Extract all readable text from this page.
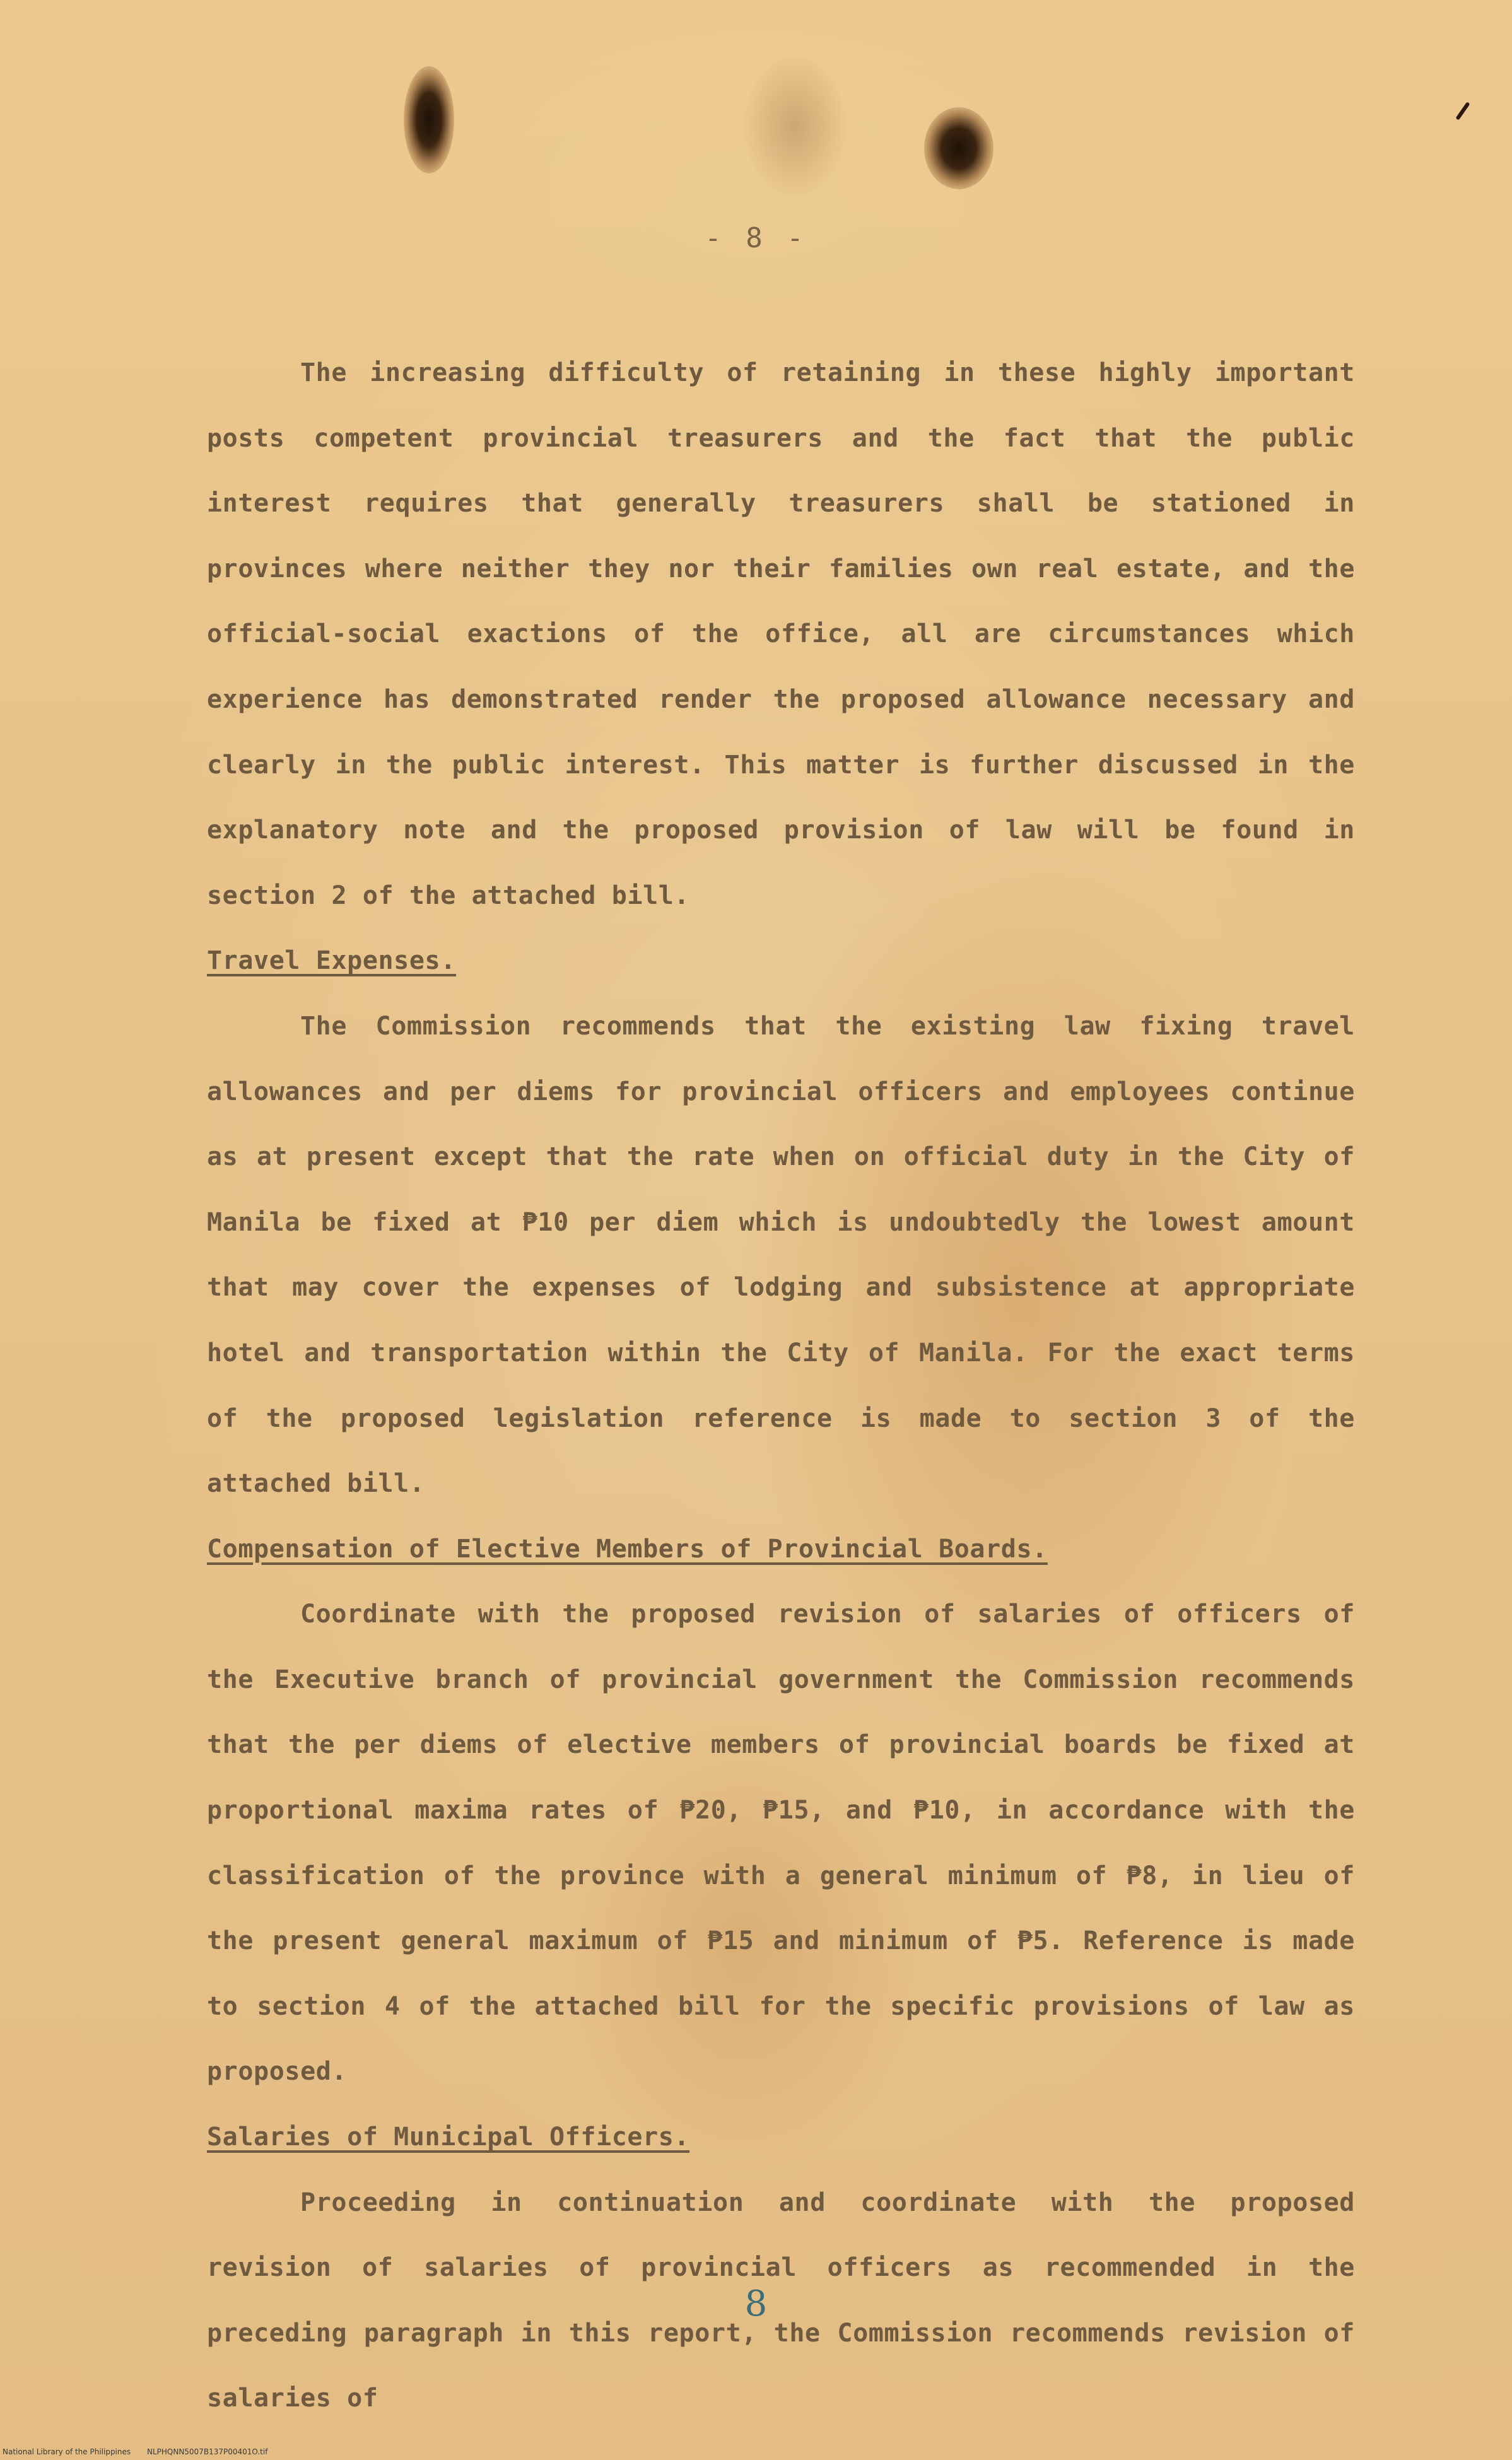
- 8 -

The increasing difficulty of retaining in these highly important posts competent provincial treasurers and the fact that the public interest requires that generally treasurers shall be stationed in provinces where neither they nor their families own real estate, and the official-social exactions of the office, all are circumstances which experience has demonstrated render the proposed allowance necessary and clearly in the public interest. This matter is further discussed in the explanatory note and the proposed provision of law will be found in section 2 of the attached bill.

Travel Expenses.

The Commission recommends that the existing law fixing travel allowances and per diems for provincial officers and employees continue as at present except that the rate when on official duty in the City of Manila be fixed at ₱10 per diem which is undoubtedly the lowest amount that may cover the expenses of lodging and subsistence at appropriate hotel and transportation within the City of Manila. For the exact terms of the proposed legislation reference is made to section 3 of the attached bill.

Compensation of Elective Members of Provincial Boards.

Coordinate with the proposed revision of salaries of officers of the Executive branch of provincial government the Commission recommends that the per diems of elective members of provincial boards be fixed at proportional maxima rates of ₱20, ₱15, and ₱10, in accordance with the classification of the province with a general minimum of ₱8, in lieu of the present general maximum of ₱15 and minimum of ₱5. Reference is made to section 4 of the attached bill for the specific provisions of law as proposed.

Salaries of Municipal Officers.

Proceeding in continuation and coordinate with the proposed revision of salaries of provincial officers as recommended in the preceding paragraph in this report, the Commission recommends revision of salaries of

8
National Library of the Philippines NLPHQNN5007B137P00401O.tif
